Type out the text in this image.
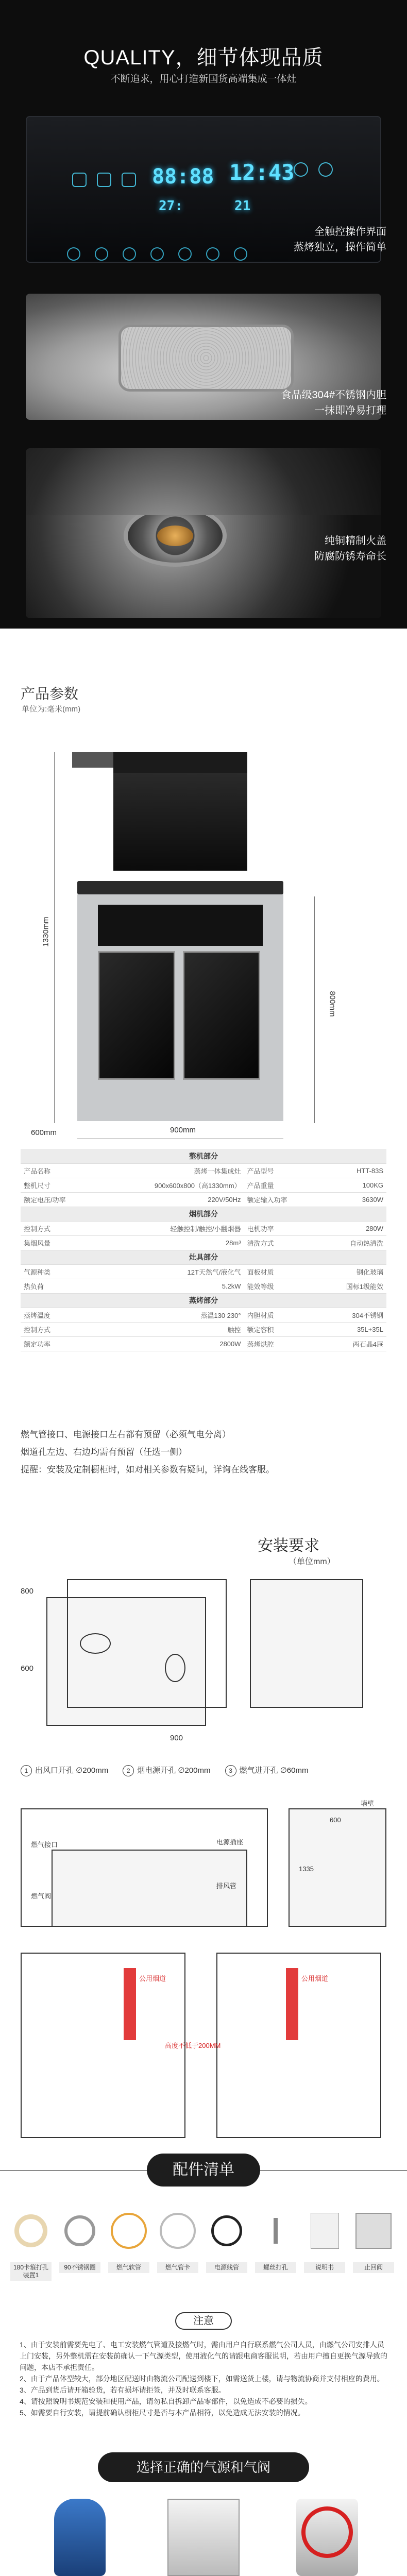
QUALITY，细节体现品质
不断追求，用心打造新国货高端集成一体灶
88:88 12:43
27:	21
全触控操作界面
蒸烤独立，操作简单
食品级304#不锈钢内胆
一抹即净易打理
纯铜精制火盖
防腐防锈寿命长
产品参数
单位为:毫米(mm)
1330mm
800mm
900mm
600mm
整机部分			
产品名称	蒸烤一体集成灶	产品型号	HTT-83S
整机尺寸	900x600x800（高1330mm）	产品重量	100KG
额定电压/功率	220V/50Hz	额定输入功率	3630W
烟机部分			
控制方式	轻触控制/触控/小翻烟器	电机功率	280W
集烟风量	28m³	清洗方式	自动热清洗
灶具部分			
气源种类	12T天然气/液化气	面板材质	钢化玻璃
热负荷	5.2kW	能效等级	国标1级能效
蒸烤部分			
蒸烤温度	蒸温130 230°	内胆材质	304不锈钢
控制方式	触控	额定容积	35L+35L
额定功率	2800W	蒸烤烘腔	两石晶4屉
燃气管接口、电源接口左右都有预留（必须气电分离）
烟道孔左边、右边均需有预留（任选一侧）
提醒：安装及定制橱柜时，如对相关参数有疑问，详询在线客服。
安装要求
（单位mm）
800
900
600
1 出风口开孔 ∅200mm	2 烟电源开孔 ∅200mm	3 燃气进开孔 ∅60mm
燃气接口	电源插座
燃气阀
排风管
墙壁
600
1335
公用烟道	公用烟道
高度不低于200MM
配件清单
180卡箍打孔装置1
90不锈钢圈	燃气软管	燃气管卡	电源线管	螺丝打孔	说明书	止回阀
注意

1、由于安装前需要先电了、电工安装燃气管道及接燃气时，需由用户自行联系燃气公司人员，由燃气公司安排人员上门安装，另外整机需在安装前确认一下气源类型，使用液化气的请跟电商客服说明，若由用户擅自更换气源导致的问题，本店不承担责任。

2、由于产品体型较大，部分地区配送时由物流公司配送到楼下，如需送货上楼，请与物流协商并支付相应的费用。

3、产品到货后请开箱验货，若有损坏请拒签，并及时联系客服。

4、请按照说明书规范安装和使用产品，请勿私自拆卸产品零部件，以免造成不必要的损失。

5、如需要自行安装，请提前确认橱柜尺寸是否与本产品相符，以免造成无法安装的情况。

选择正确的气源和气阀
